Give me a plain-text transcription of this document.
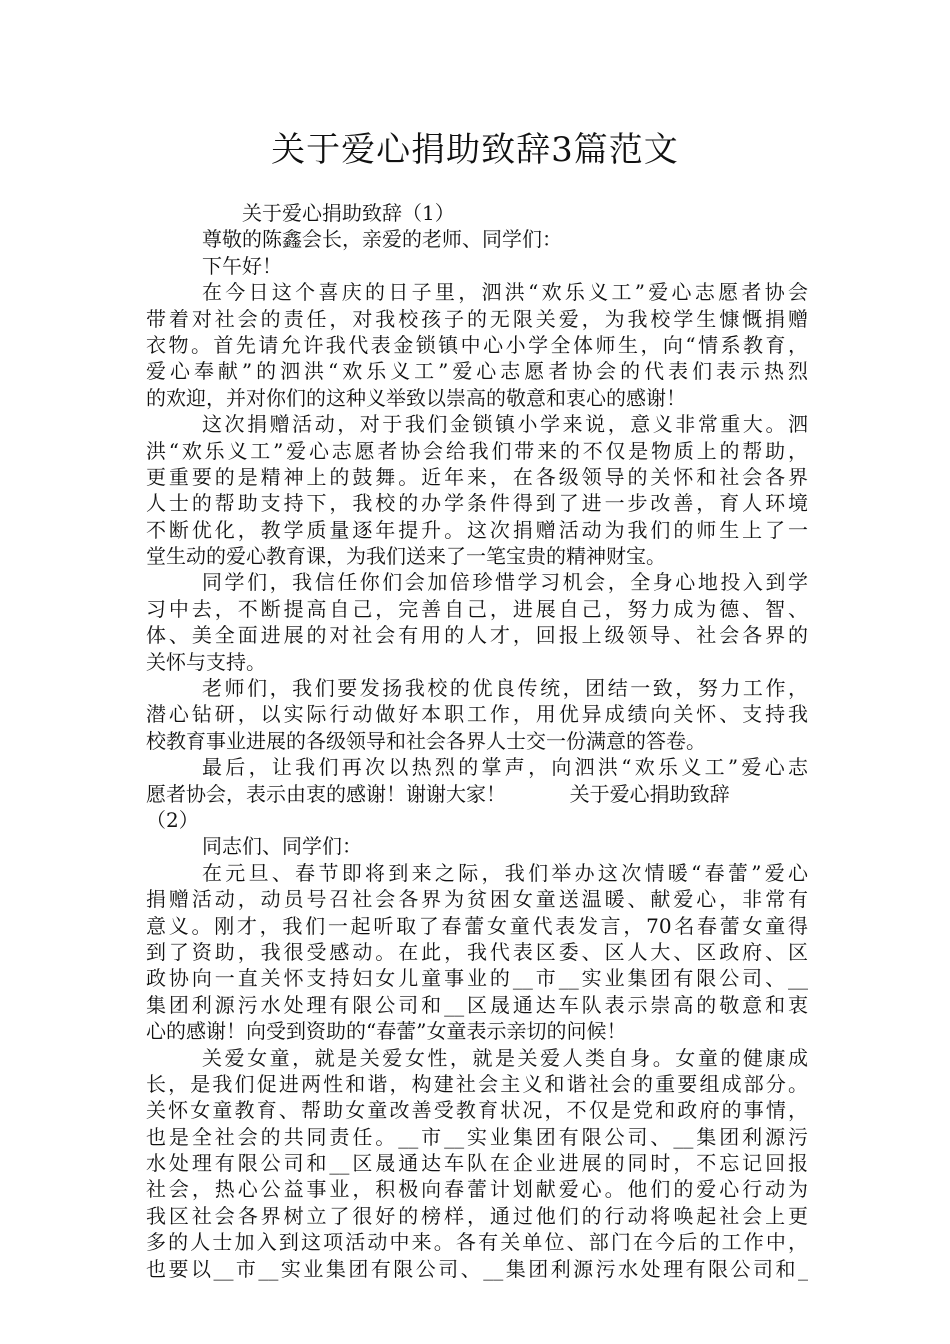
关于爱心捐助致辞3篇范文
关于爱心捐助致辞（1）
尊敬的陈鑫会长，亲爱的老师、同学们：
下午好！
在今日这个喜庆的日子里，泗洪“欢乐义工”爱心志愿者协会
带着对社会的责任，对我校孩子的无限关爱，为我校学生慷慨捐赠
衣物。首先请允许我代表金锁镇中心小学全体师生，向“情系教育，
爱心奉献”的泗洪“欢乐义工”爱心志愿者协会的代表们表示热烈
的欢迎，并对你们的这种义举致以崇高的敬意和衷心的感谢！
这次捐赠活动，对于我们金锁镇小学来说，意义非常重大。泗
洪“欢乐义工”爱心志愿者协会给我们带来的不仅是物质上的帮助，
更重要的是精神上的鼓舞。近年来，在各级领导的关怀和社会各界
人士的帮助支持下，我校的办学条件得到了进一步改善，育人环境
不断优化，教学质量逐年提升。这次捐赠活动为我们的师生上了一
堂生动的爱心教育课，为我们送来了一笔宝贵的精神财宝。
同学们，我信任你们会加倍珍惜学习机会，全身心地投入到学
习中去，不断提高自己，完善自己，进展自己，努力成为德、智、
体、美全面进展的对社会有用的人才，回报上级领导、社会各界的
关怀与支持。
老师们，我们要发扬我校的优良传统，团结一致，努力工作，
潜心钻研，以实际行动做好本职工作，用优异成绩向关怀、支持我
校教育事业进展的各级领导和社会各界人士交一份满意的答卷。
最后，让我们再次以热烈的掌声，向泗洪“欢乐义工”爱心志
愿者协会，表示由衷的感谢！谢谢大家！          关于爱心捐助致辞
（2）
同志们、同学们：
在元旦、春节即将到来之际，我们举办这次情暖“春蕾”爱心
捐赠活动，动员号召社会各界为贫困女童送温暖、献爱心，非常有
意义。刚才，我们一起听取了春蕾女童代表发言，70名春蕾女童得
到了资助，我很受感动。在此，我代表区委、区人大、区政府、区
政协向一直关怀支持妇女儿童事业的__市__实业集团有限公司、__
集团利源污水处理有限公司和__区晟通达车队表示崇高的敬意和衷
心的感谢！向受到资助的“春蕾”女童表示亲切的问候！
关爱女童，就是关爱女性，就是关爱人类自身。女童的健康成
长，是我们促进两性和谐，构建社会主义和谐社会的重要组成部分。
关怀女童教育、帮助女童改善受教育状况，不仅是党和政府的事情，
也是全社会的共同责任。__市__实业集团有限公司、__集团利源污
水处理有限公司和__区晟通达车队在企业进展的同时，不忘记回报
社会，热心公益事业，积极向春蕾计划献爱心。他们的爱心行动为
我区社会各界树立了很好的榜样，通过他们的行动将唤起社会上更
多的人士加入到这项活动中来。各有关单位、部门在今后的工作中，
也要以__市__实业集团有限公司、__集团利源污水处理有限公司和_
